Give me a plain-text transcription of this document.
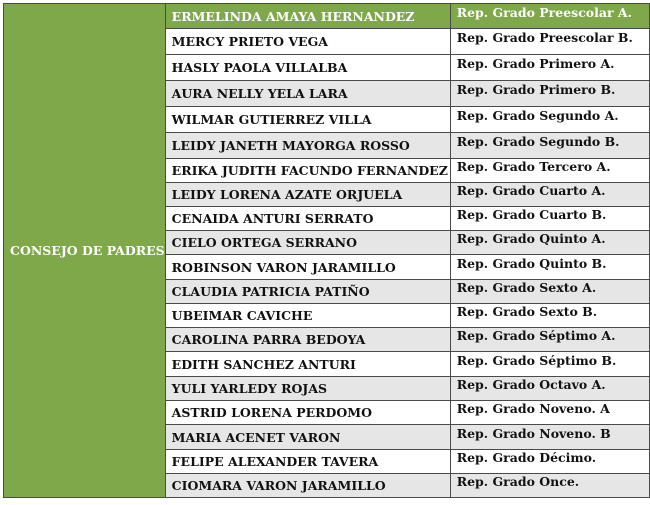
CONSEJO DE PADRES	ERMELINDA AMAYA HERNANDEZ	Rep. Grado Preescolar A.
	MERCY PRIETO VEGA	Rep. Grado Preescolar B.
	HASLY PAOLA VILLALBA	Rep. Grado Primero A.
	AURA NELLY YELA LARA	Rep. Grado Primero B.
	WILMAR GUTIERREZ VILLA	Rep. Grado Segundo A.
	LEIDY JANETH MAYORGA ROSSO	Rep. Grado Segundo B.
	ERIKA JUDITH FACUNDO FERNANDEZ	Rep. Grado Tercero A.
	LEIDY LORENA AZATE ORJUELA	Rep. Grado Cuarto A.
	CENAIDA ANTURI SERRATO	Rep. Grado Cuarto B.
	CIELO ORTEGA SERRANO	Rep. Grado Quinto A.
	ROBINSON VARON JARAMILLO	Rep. Grado Quinto B.
	CLAUDIA PATRICIA PATIÑO	Rep. Grado Sexto A.
	UBEIMAR CAVICHE	Rep. Grado Sexto B.
	CAROLINA PARRA BEDOYA	Rep. Grado Séptimo A.
	EDITH SANCHEZ ANTURI	Rep. Grado Séptimo B.
	YULI YARLEDY ROJAS	Rep. Grado Octavo A.
	ASTRID LORENA PERDOMO	Rep. Grado Noveno. A
	MARIA ACENET VARON	Rep. Grado Noveno. B
	FELIPE ALEXANDER TAVERA	Rep. Grado Décimo.
	CIOMARA VARON JARAMILLO	Rep. Grado Once.
